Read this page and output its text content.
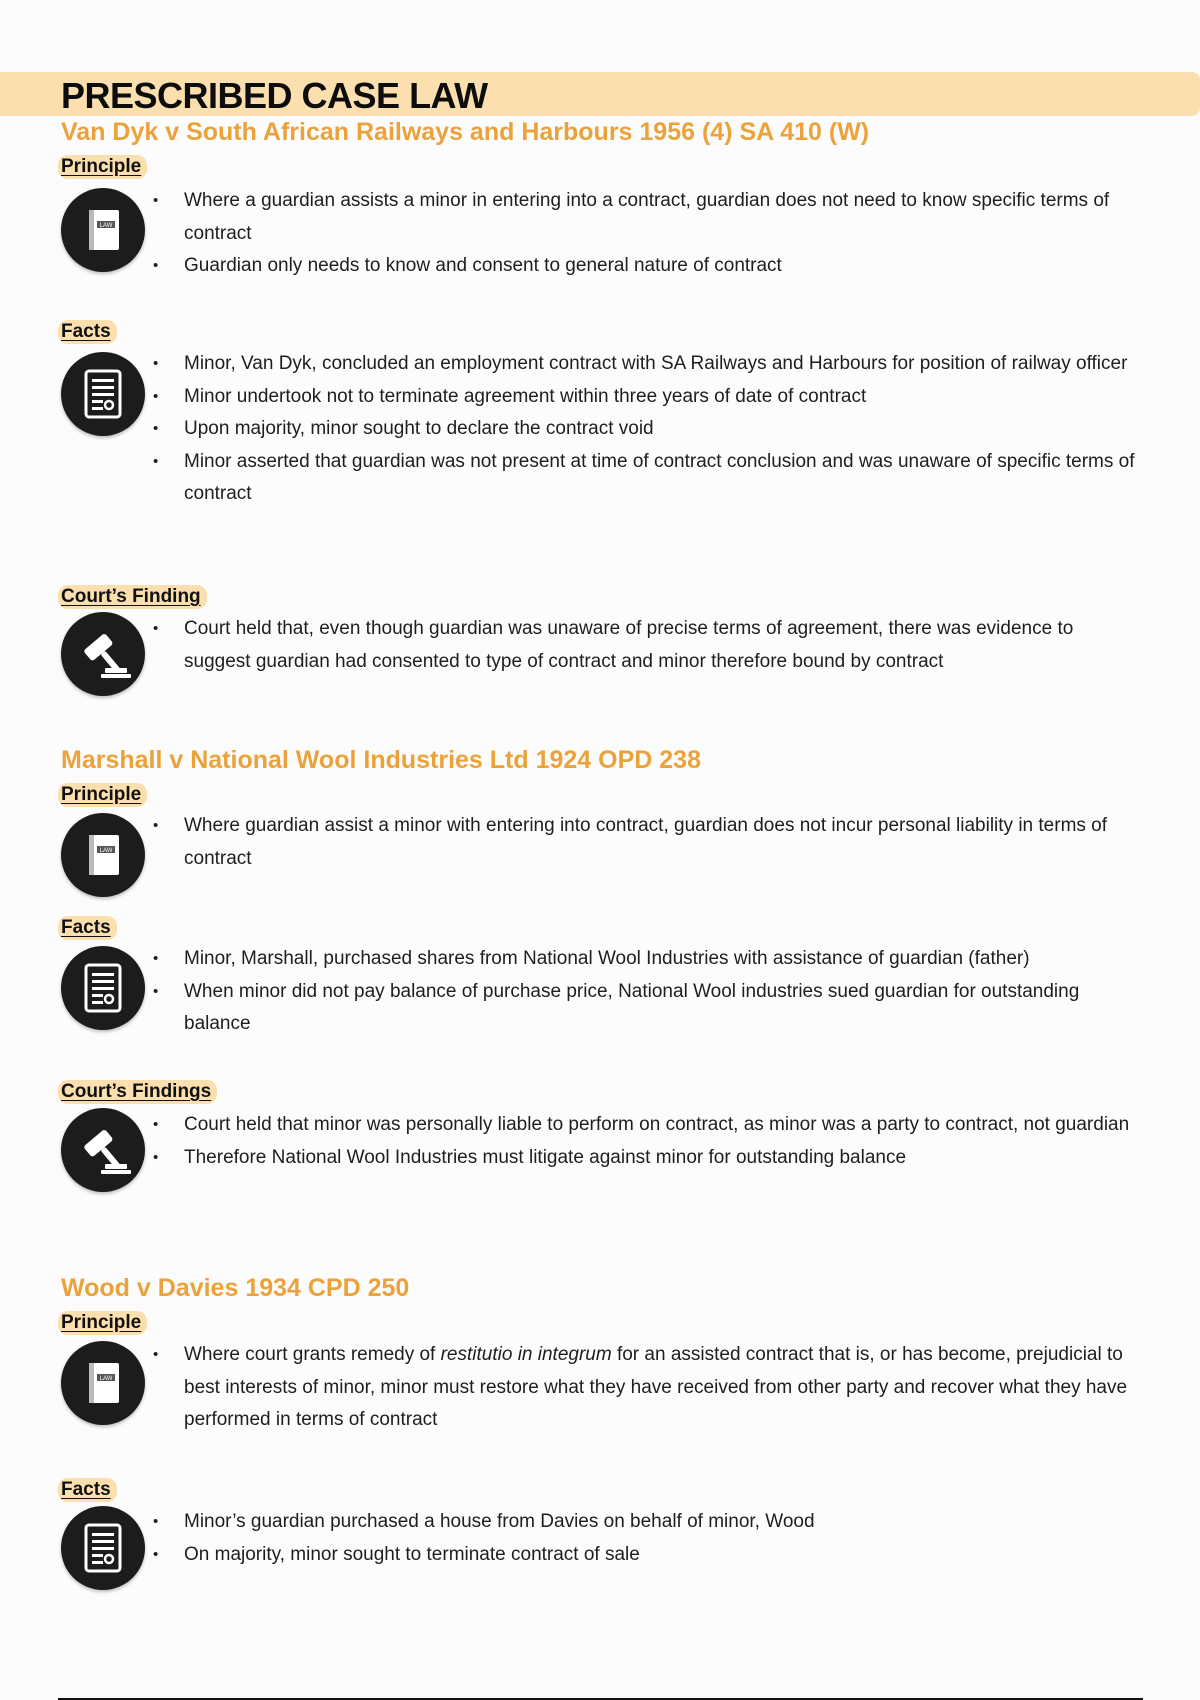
PRESCRIBED CASE LAW
Van Dyk v South African Railways and Harbours 1956 (4) SA 410 (W)
Principle
LAW
• Where a guardian assists a minor in entering into a contract, guardian does not need to know specific terms of contract
• Guardian only needs to know and consent to general nature of contract
Facts
• Minor, Van Dyk, concluded an employment contract with SA Railways and Harbours for position of railway officer
• Minor undertook not to terminate agreement within three years of date of contract
• Upon majority, minor sought to declare the contract void
• Minor asserted that guardian was not present at time of contract conclusion and was unaware of specific terms of contract
Court’s Finding
• Court held that, even though guardian was unaware of precise terms of agreement, there was evidence to suggest guardian had consented to type of contract and minor therefore bound by contract
Marshall v National Wool Industries Ltd 1924 OPD 238
Principle
LAW
• Where guardian assist a minor with entering into contract, guardian does not incur personal liability in terms of contract
Facts
• Minor, Marshall, purchased shares from National Wool Industries with assistance of guardian (father)
• When minor did not pay balance of purchase price, National Wool industries sued guardian for outstanding balance
Court’s Findings
• Court held that minor was personally liable to perform on contract, as minor was a party to contract, not guardian
• Therefore National Wool Industries must litigate against minor for outstanding balance
Wood v Davies 1934 CPD 250
Principle
LAW
• Where court grants remedy of restitutio in integrum for an assisted contract that is, or has become, prejudicial to best interests of minor, minor must restore what they have received from other party and recover what they have performed in terms of contract
Facts
• Minor’s guardian purchased a house from Davies on behalf of minor, Wood
• On majority, minor sought to terminate contract of sale
